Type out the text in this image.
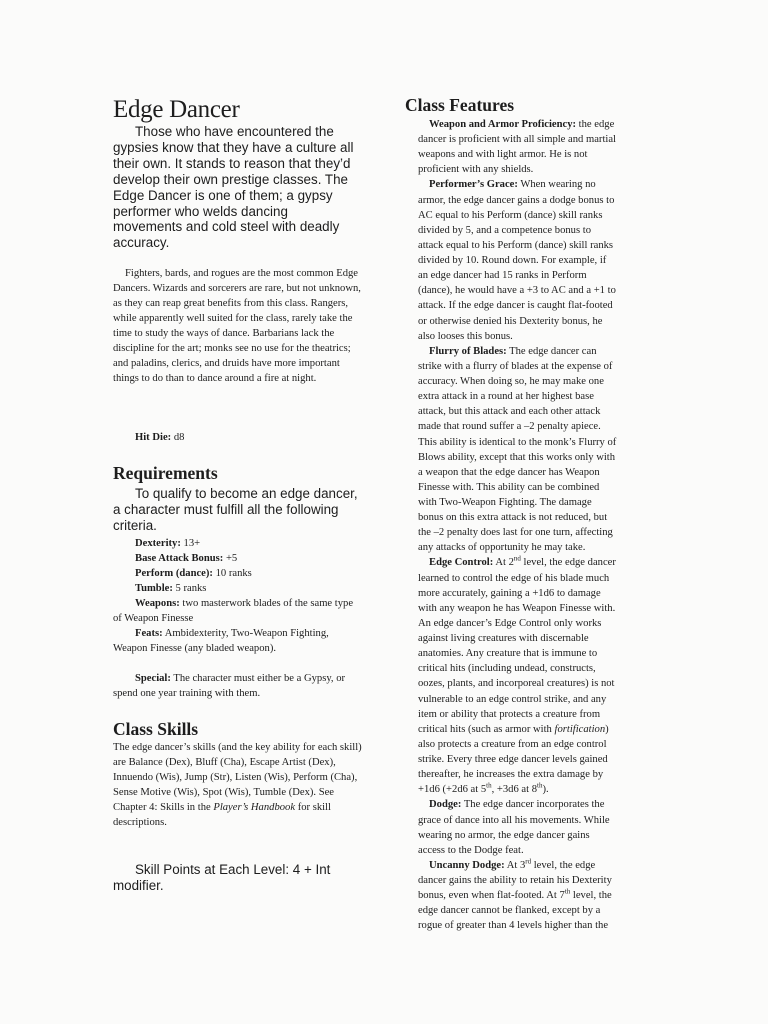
Edge Dancer

Those who have encountered the gypsies know that they have a culture all their own. It stands to reason that they’d develop their own prestige classes. The Edge Dancer is one of them; a gypsy performer who welds dancing movements and cold steel with deadly accuracy.

Fighters, bards, and rogues are the most common Edge Dancers. Wizards and sorcerers are rare, but not unknown, as they can reap great benefits from this class. Rangers, while apparently well suited for the class, rarely take the time to study the ways of dance. Barbarians lack the discipline for the art; monks see no use for the theatrics; and paladins, clerics, and druids have more important things to do than to dance around a fire at night.

Hit Die: d8

Requirements

To qualify to become an edge dancer, a character must fulfill all the following criteria.

Dexterity: 13+

Base Attack Bonus: +5

Perform (dance): 10 ranks

Tumble: 5 ranks

Weapons: two masterwork blades of the same type of Weapon Finesse

Feats: Ambidexterity, Two-Weapon Fighting, Weapon Finesse (any bladed weapon).

Special: The character must either be a Gypsy, or spend one year training with them.

Class Skills

The edge dancer’s skills (and the key ability for each skill) are Balance (Dex), Bluff (Cha), Escape Artist (Dex), Innuendo (Wis), Jump (Str), Listen (Wis), Perform (Cha), Sense Motive (Wis), Spot (Wis), Tumble (Dex). See Chapter 4: Skills in the Player’s Handbook for skill descriptions.

Skill Points at Each Level: 4 + Int modifier.

Class Features

Weapon and Armor Proficiency: the edge

dancer is proficient with all simple and martial

weapons and with light armor. He is not

proficient with any shields.

Performer’s Grace: When wearing no

armor, the edge dancer gains a dodge bonus to

AC equal to his Perform (dance) skill ranks

divided by 5, and a competence bonus to

attack equal to his Perform (dance) skill ranks

divided by 10. Round down. For example, if

an edge dancer had 15 ranks in Perform

(dance), he would have a +3 to AC and a +1 to

attack. If the edge dancer is caught flat-footed

or otherwise denied his Dexterity bonus, he

also looses this bonus.

Flurry of Blades: The edge dancer can

strike with a flurry of blades at the expense of

accuracy. When doing so, he may make one

extra attack in a round at her highest base

attack, but this attack and each other attack

made that round suffer a –2 penalty apiece.

This ability is identical to the monk’s Flurry of

Blows ability, except that this works only with

a weapon that the edge dancer has Weapon

Finesse with. This ability can be combined

with Two-Weapon Fighting. The damage

bonus on this extra attack is not reduced, but

the –2 penalty does last for one turn, affecting

any attacks of opportunity he may take.

Edge Control: At 2nd level, the edge dancer

learned to control the edge of his blade much

more accurately, gaining a +1d6 to damage

with any weapon he has Weapon Finesse with.

An edge dancer’s Edge Control only works

against living creatures with discernable

anatomies. Any creature that is immune to

critical hits (including undead, constructs,

oozes, plants, and incorporeal creatures) is not

vulnerable to an edge control strike, and any

item or ability that protects a creature from

critical hits (such as armor with fortification)

also protects a creature from an edge control

strike. Every three edge dancer levels gained

thereafter, he increases the extra damage by

+1d6 (+2d6 at 5th, +3d6 at 8th).

Dodge: The edge dancer incorporates the

grace of dance into all his movements. While

wearing no armor, the edge dancer gains

access to the Dodge feat.

Uncanny Dodge: At 3rd level, the edge

dancer gains the ability to retain his Dexterity

bonus, even when flat-footed. At 7th level, the

edge dancer cannot be flanked, except by a

rogue of greater than 4 levels higher than the
